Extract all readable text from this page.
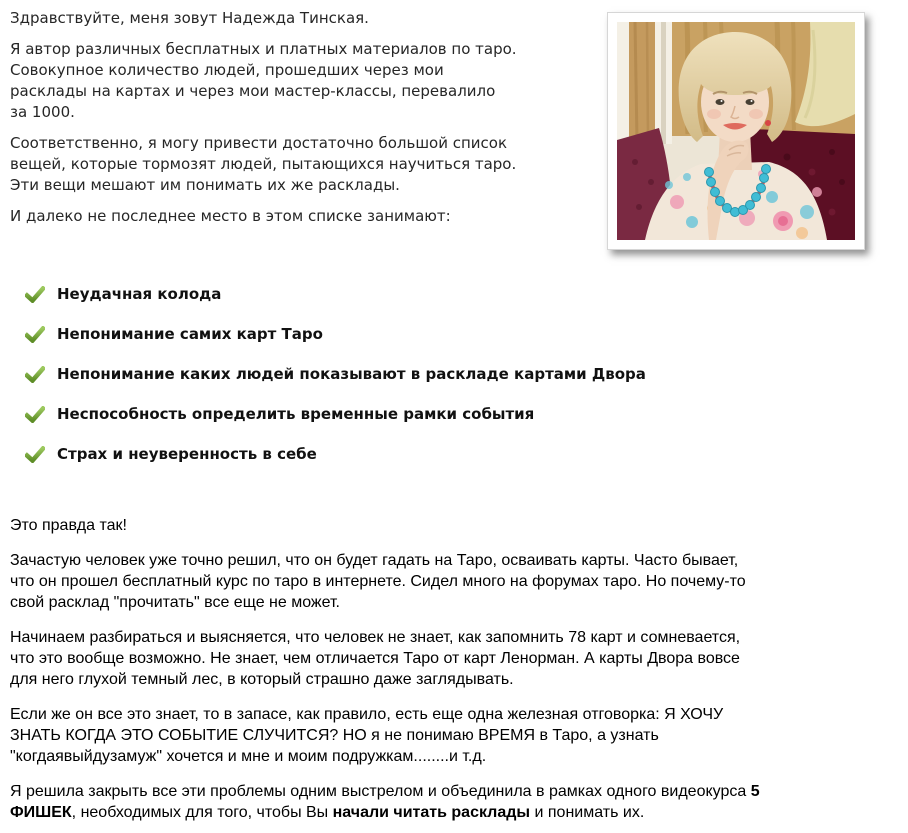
Здравствуйте, меня зовут Надежда Тинская.
Я автор различных бесплатных и платных материалов по таро.
Совокупное количество людей, прошедших через мои
расклады на картах и через мои мастер-классы, перевалило
за 1000.
Соответственно, я могу привести достаточно большой список
вещей, которые тормозят людей, пытающихся научиться таро.
Эти вещи мешают им понимать их же расклады.
И далеко не последнее место в этом списке занимают:
Неудачная колода
Непонимание самих карт Таро
Непонимание каких людей показывают в раскладе картами Двора
Неспособность определить временные рамки события
Страх и неуверенность в себе
Это правда так!
Зачастую человек уже точно решил, что он будет гадать на Таро, осваивать карты. Часто бывает,
что он прошел бесплатный курс по таро в интернете. Сидел много на форумах таро. Но почему-то
свой расклад "прочитать" все еще не может.
Начинаем разбираться и выясняется, что человек не знает, как запомнить 78 карт и сомневается,
что это вообще возможно. Не знает, чем отличается Таро от карт Ленорман. А карты Двора вовсе
для него глухой темный лес, в который страшно даже заглядывать.
Если же он все это знает, то в запасе, как правило, есть еще одна железная отговорка: Я ХОЧУ
ЗНАТЬ КОГДА ЭТО СОБЫТИЕ СЛУЧИТСЯ? НО я не понимаю ВРЕМЯ в Таро, а узнать
"когдаявыйдузамуж" хочется и мне и моим подружкам........и т.д.
Я решила закрыть все эти проблемы одним выстрелом и объединила в рамках одного видеокурса 5
ФИШЕК, необходимых для того, чтобы Вы начали читать расклады и понимать их.
